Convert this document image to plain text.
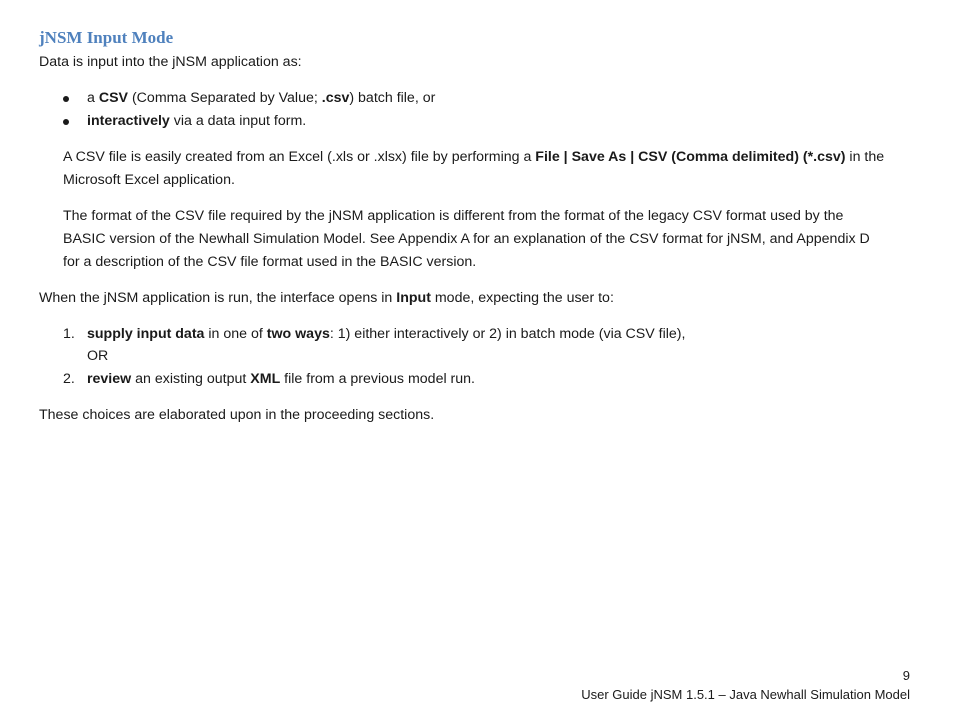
jNSM Input Mode
Data is input into the jNSM application as:
a CSV (Comma Separated by Value; .csv) batch file, or
interactively via a data input form.
A CSV file is easily created from an Excel (.xls or .xlsx) file by performing a File | Save As | CSV (Comma delimited) (*.csv) in the
Microsoft Excel application.
The format of the CSV file required by the jNSM application is different from the format of the legacy CSV format used by the
BASIC version of the Newhall Simulation Model. See Appendix A for an explanation of the CSV format for jNSM, and Appendix D
for a description of the CSV file format used in the BASIC version.
When the jNSM application is run, the interface opens in Input mode, expecting the user to:
1. supply input data in one of two ways: 1) either interactively or 2) in batch mode (via CSV file),
OR
2. review an existing output XML file from a previous model run.
These choices are elaborated upon in the proceeding sections.
9
User Guide jNSM 1.5.1 – Java Newhall Simulation Model
